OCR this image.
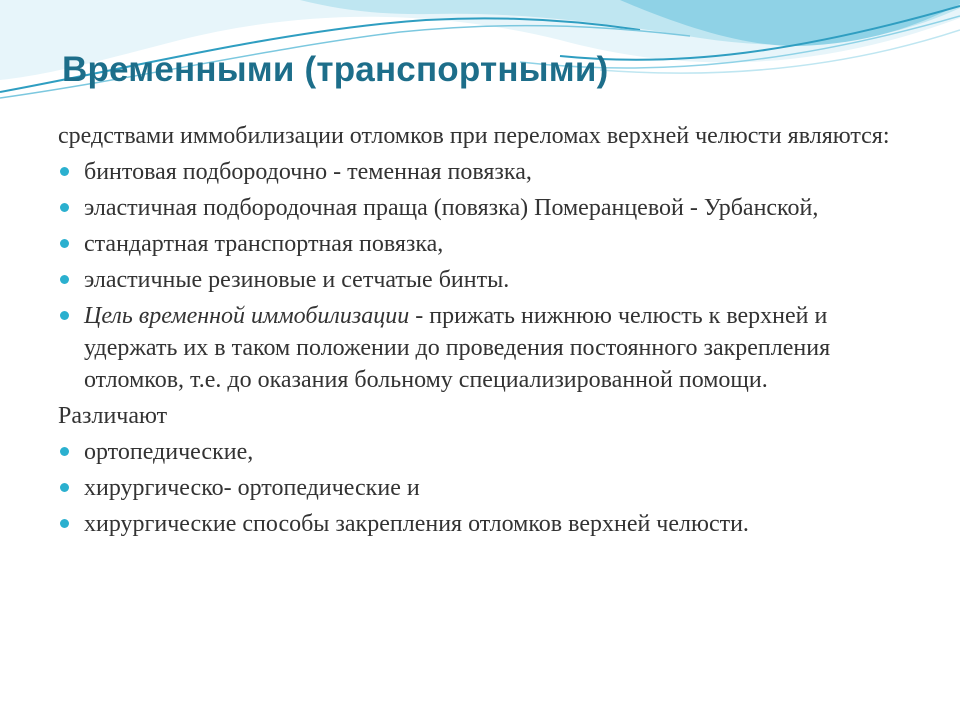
Временными (транспортными)

средствами иммобилизации отломков при переломах верхней челюсти являются:

бинтовая подбородочно - теменная повязка,
эластичная подбородочная праща (повязка) Померанцевой - Урбанской,
стандартная транспортная повязка,
эластичные резиновые и сетчатые бинты.
Цель временной иммобилизации - прижать нижнюю челюсть к верхней и удержать их в таком положении до проведения постоянного закрепления отломков, т.е. до оказания больному специализированной помощи.

Различают

ортопедические,
хирургическо- ортопедические и
хирургические способы закрепления отломков верхней челюсти.
